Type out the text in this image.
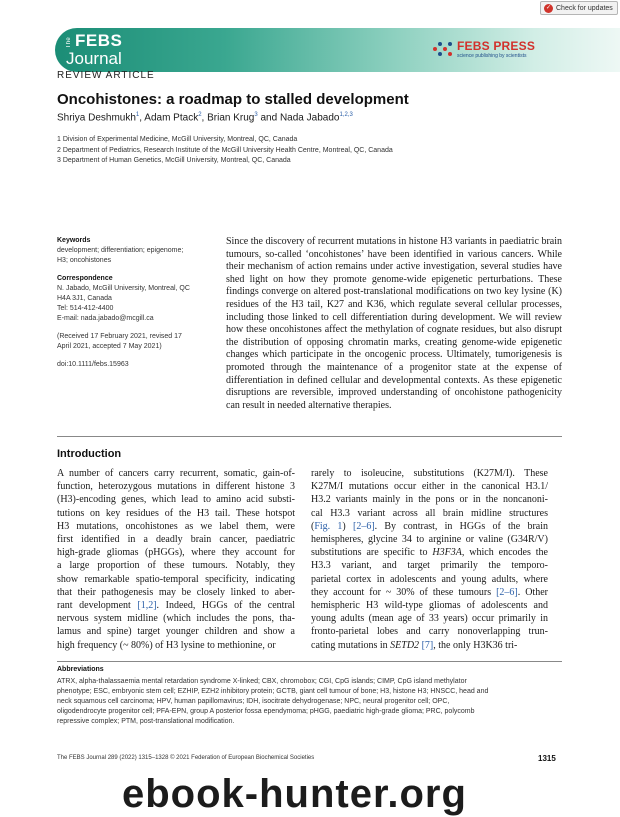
✓ Check for updates
The FEBS
Journal
FEBS PRESS
science publishing by scientists
REVIEW ARTICLE
Oncohistones: a roadmap to stalled development
Shriya Deshmukh$^1$, Adam Ptack$^2$, Brian Krug$^3$ and Nada Jabado$^{1,2,3}$
1 Division of Experimental Medicine, McGill University, Montreal, QC, Canada
2 Department of Pediatrics, Research Institute of the McGill University Health Centre, Montreal, QC, Canada
3 Department of Human Genetics, McGill University, Montreal, QC, Canada
Keywords
development; differentiation; epigenome;
H3; oncohistones
Correspondence
N. Jabado, McGill University, Montreal, QC
H4A 3J1, Canada
Tel: 514-412-4400
E-mail: nada.jabado@mcgill.ca
(Received 17 February 2021, revised 17
April 2021, accepted 7 May 2021)
doi:10.1111/febs.15963
Since the discovery of recurrent mutations in histone H3 variants in paediatric brain tumours, so-called ‘oncohistones’ have been identified in various cancers. While their mechanism of action remains under active investigation, several studies have shed light on how they promote genome-wide epigenetic perturbations. These findings converge on altered post-translational modifications on two key lysine (K) residues of the H3 tail, K27 and K36, which regulate several cellular processes, including those linked to cell differentiation during development. We will review how these oncohistones affect the methylation of cognate residues, but also disrupt the distribution of opposing chromatin marks, creating genome-wide epigenetic changes which participate in the oncogenic process. Ultimately, tumorigenesis is promoted through the maintenance of a progenitor state at the expense of differentiation in defined cellular and developmental contexts. As these epigenetic disruptions are reversible, improved understanding of oncohistone pathogenicity can result in needed alternative therapies.
Introduction
A number of cancers carry recurrent, somatic, gain-of-
function, heterozygous mutations in different histone 3
(H3)-encoding genes, which lead to amino acid substi-
tutions on key residues of the H3 tail. These hotspot
H3 mutations, oncohistones as we label them, were
first identified in a deadly brain cancer, paediatric
high-grade gliomas (pHGGs), where they account for
a large proportion of these tumours. Notably, they
show remarkable spatio-temporal specificity, indicating
that their pathogenesis may be closely linked to aber-
rant development [1,2]. Indeed, HGGs of the central
nervous system midline (which includes the pons, tha-
lamus and spine) target younger children and show a
high frequency (~ 80%) of H3 lysine to methionine, or
rarely to isoleucine, substitutions (K27M/I). These
K27M/I mutations occur either in the canonical H3.1/
H3.2 variants mainly in the pons or in the noncanoni-
cal H3.3 variant across all brain midline structures
(Fig. 1) [2–6]. By contrast, in HGGs of the brain
hemispheres, glycine 34 to arginine or valine (G34R/V)
substitutions are specific to H3F3A, which encodes the
H3.3 variant, and target primarily the temporo-
parietal cortex in adolescents and young adults, where
they account for ~ 30% of these tumours [2–6]. Other
hemispheric H3 wild-type gliomas of adolescents and
young adults (mean age of 33 years) occur primarily in
fronto-parietal lobes and carry nonoverlapping trun-
cating mutations in SETD2 [7], the only H3K36 tri-
Abbreviations
ATRX, alpha-thalassaemia mental retardation syndrome X-linked; CBX, chromobox; CGI, CpG islands; CIMP, CpG island methylator
phenotype; ESC, embryonic stem cell; EZHIP, EZH2 inhibitory protein; GCTB, giant cell tumour of bone; H3, histone H3; HNSCC, head and
neck squamous cell carcinoma; HPV, human papillomavirus; IDH, isocitrate dehydrogenase; NPC, neural progenitor cell; OPC,
oligodendrocyte progenitor cell; PFA-EPN, group A posterior fossa ependymoma; pHGG, paediatric high-grade glioma; PRC, polycomb
repressive complex; PTM, post-translational modification.
The FEBS Journal 289 (2022) 1315–1328 © 2021 Federation of European Biochemical Societies	1315
ebook-hunter.org
